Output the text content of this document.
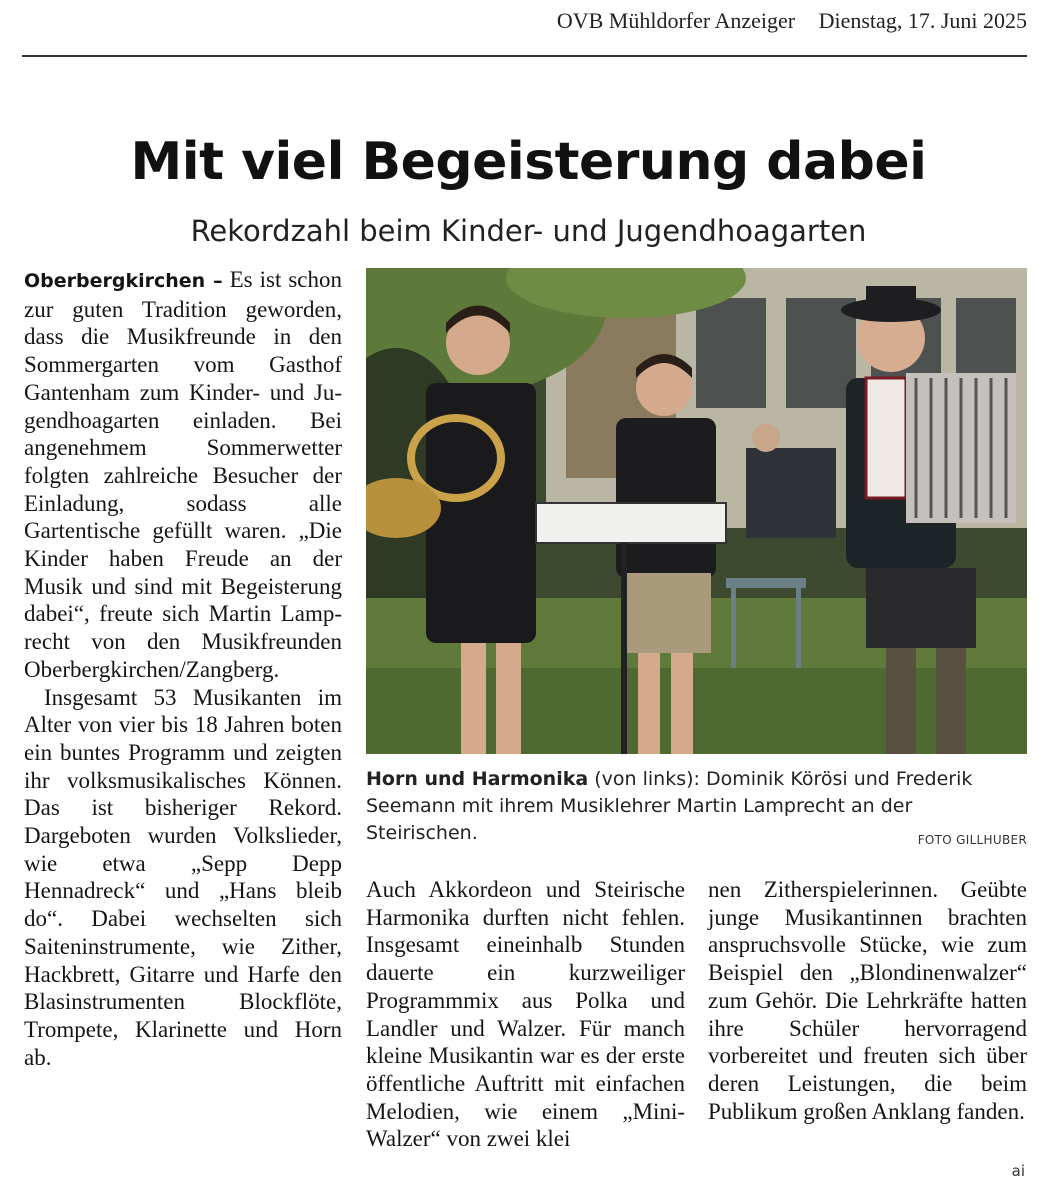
OVB Mühldorfer Anzeiger Dienstag, 17. Juni 2025
Mit viel Begeisterung dabei
Rekordzahl beim Kinder- und Jugendhoagarten

Oberbergkirchen – Es ist schon zur guten Tradition geworden, dass die Musikfreunde in den Sommergarten vom Gasthof Gantenham zum Kinder- und Jugendhoagarten einladen. Bei angenehmem Sommerwetter folgten zahlreiche Besucher der Einladung, sodass alle Gartentische gefüllt waren. „Die Kinder haben Freude an der Musik und sind mit Begeisterung dabei“, freute sich Martin Lamprecht von den Musikfreunden Oberbergkirchen/Zangberg.

Insgesamt 53 Musikanten im Alter von vier bis 18 Jahren boten ein buntes Programm und zeigten ihr volksmusikalisches Können. Das ist bisheriger Rekord. Dargeboten wurden Volkslieder, wie etwa „Sepp Depp Hennadreck“ und „Hans bleib do“. Dabei wechselten sich Saiteninstrumente, wie Zither, Hackbrett, Gitarre und Harfe den Blasinstrumenten Blockflöte, Trompete, Klarinette und Horn ab.

Horn und Harmonika (von links): Dominik Körösi und Frederik Seemann mit ihrem Musiklehrer Martin Lamprecht an der Steirischen.	FOTO GILLHUBER

Auch Akkordeon und Steirische Harmonika durften nicht fehlen. Insgesamt eineinhalb Stunden dauerte ein kurzweiliger Programmmix aus Polka und Landler und Walzer. Für manch kleine Musikantin war es der erste öffentliche Auftritt mit einfachen Melodien, wie einem „Mini-Walzer“ von zwei klei

nen Zitherspielerinnen. Geübte junge Musikantinnen brachten anspruchsvolle Stücke, wie zum Beispiel den „Blondinenwalzer“ zum Gehör. Die Lehrkräfte hatten ihre Schüler hervorragend vorbereitet und freuten sich über deren Leistungen, die beim Publikum großen Anklang fanden.

ai
